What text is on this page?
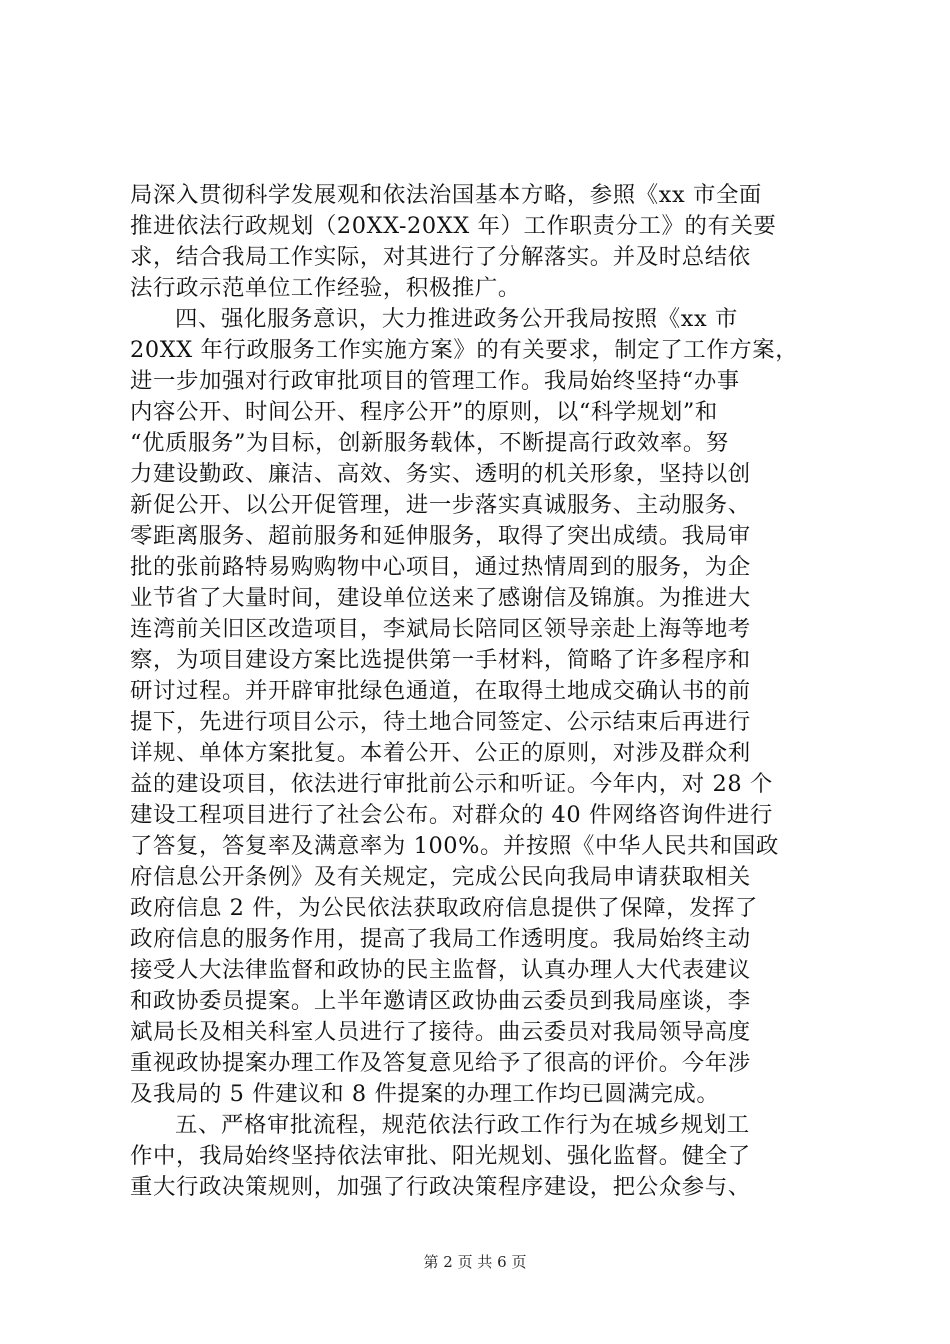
局深入贯彻科学发展观和依法治国基本方略，参照《xx 市全面
推进依法行政规划（20XX-20XX 年）工作职责分工》的有关要
求，结合我局工作实际，对其进行了分解落实。并及时总结依
法行政示范单位工作经验，积极推广。
四、强化服务意识，大力推进政务公开我局按照《xx 市
20XX 年行政服务工作实施方案》的有关要求，制定了工作方案，
进一步加强对行政审批项目的管理工作。我局始终坚持“办事
内容公开、时间公开、程序公开”的原则，以“科学规划”和
“优质服务”为目标，创新服务载体，不断提高行政效率。努
力建设勤政、廉洁、高效、务实、透明的机关形象，坚持以创
新促公开、以公开促管理，进一步落实真诚服务、主动服务、
零距离服务、超前服务和延伸服务，取得了突出成绩。我局审
批的张前路特易购购物中心项目，通过热情周到的服务，为企
业节省了大量时间，建设单位送来了感谢信及锦旗。为推进大
连湾前关旧区改造项目，李斌局长陪同区领导亲赴上海等地考
察，为项目建设方案比选提供第一手材料，简略了许多程序和
研讨过程。并开辟审批绿色通道，在取得土地成交确认书的前
提下，先进行项目公示，待土地合同签定、公示结束后再进行
详规、单体方案批复。本着公开、公正的原则，对涉及群众利
益的建设项目，依法进行审批前公示和听证。今年内，对 28 个
建设工程项目进行了社会公布。对群众的 40 件网络咨询件进行
了答复，答复率及满意率为 100%。并按照《中华人民共和国政
府信息公开条例》及有关规定，完成公民向我局申请获取相关
政府信息 2 件，为公民依法获取政府信息提供了保障，发挥了
政府信息的服务作用，提高了我局工作透明度。我局始终主动
接受人大法律监督和政协的民主监督，认真办理人大代表建议
和政协委员提案。上半年邀请区政协曲云委员到我局座谈，李
斌局长及相关科室人员进行了接待。曲云委员对我局领导高度
重视政协提案办理工作及答复意见给予了很高的评价。今年涉
及我局的 5 件建议和 8 件提案的办理工作均已圆满完成。
五、严格审批流程，规范依法行政工作行为在城乡规划工
作中，我局始终坚持依法审批、阳光规划、强化监督。健全了
重大行政决策规则，加强了行政决策程序建设，把公众参与、
第 2 页 共 6 页
